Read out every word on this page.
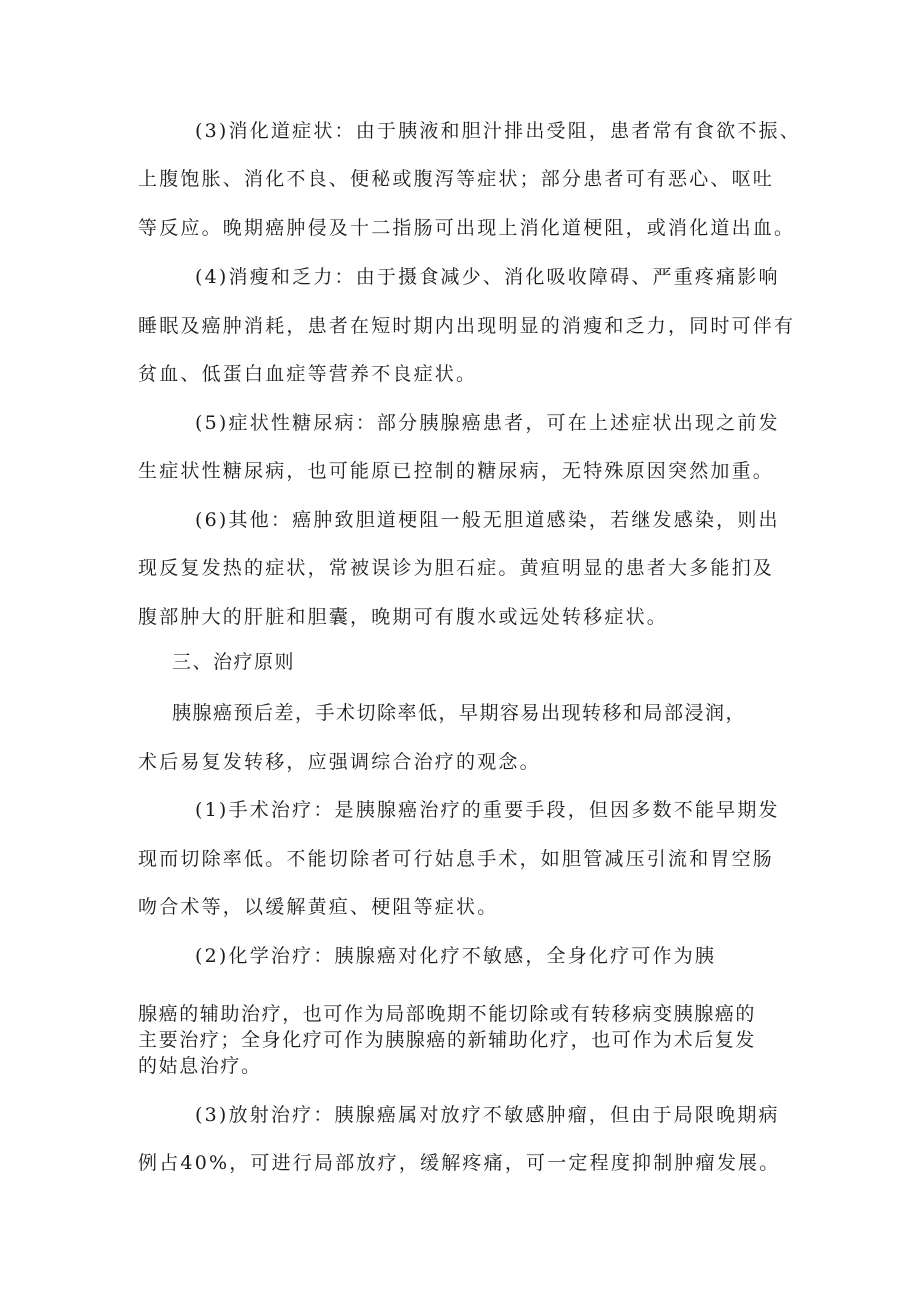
(3)消化道症状：由于胰液和胆汁排出受阻，患者常有食欲不振、

上腹饱胀、消化不良、便秘或腹泻等症状；部分患者可有恶心、呕吐

等反应。晚期癌肿侵及十二指肠可出现上消化道梗阻，或消化道出血。

(4)消瘦和乏力：由于摄食减少、消化吸收障碍、严重疼痛影响

睡眠及癌肿消耗，患者在短时期内出现明显的消瘦和乏力，同时可伴有

贫血、低蛋白血症等营养不良症状。

(5)症状性糖尿病：部分胰腺癌患者，可在上述症状出现之前发

生症状性糖尿病，也可能原已控制的糖尿病，无特殊原因突然加重。

(6)其他：癌肿致胆道梗阻一般无胆道感染，若继发感染，则出

现反复发热的症状，常被误诊为胆石症。黄疸明显的患者大多能扪及

腹部肿大的肝脏和胆囊，晚期可有腹水或远处转移症状。

三、治疗原则

胰腺癌预后差，手术切除率低，早期容易出现转移和局部浸润，

术后易复发转移，应强调综合治疗的观念。

(1)手术治疗：是胰腺癌治疗的重要手段，但因多数不能早期发

现而切除率低。不能切除者可行姑息手术，如胆管减压引流和胃空肠

吻合术等，以缓解黄疸、梗阻等症状。

(2)化学治疗：胰腺癌对化疗不敏感，全身化疗可作为胰

腺癌的辅助治疗，也可作为局部晚期不能切除或有转移病变胰腺癌的

主要治疗；全身化疗可作为胰腺癌的新辅助化疗，也可作为术后复发

的姑息治疗。

(3)放射治疗：胰腺癌属对放疗不敏感肿瘤，但由于局限晚期病

例占40%，可进行局部放疗，缓解疼痛，可一定程度抑制肿瘤发展。
